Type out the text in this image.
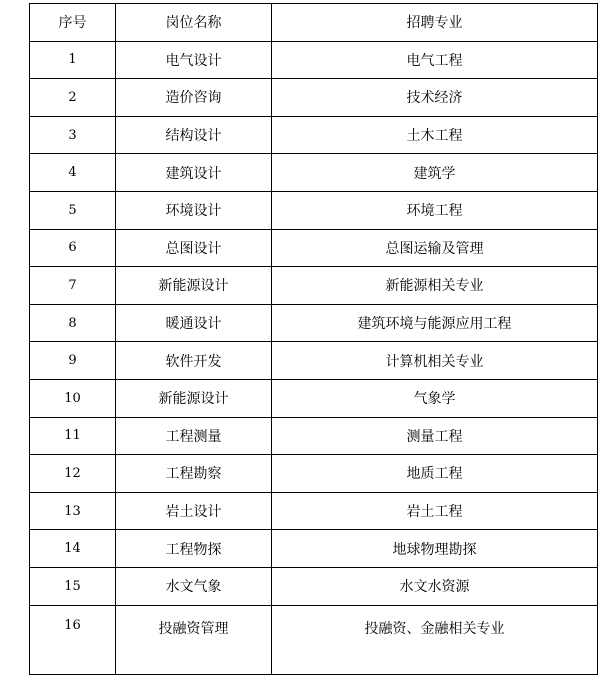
序号	岗位名称	招聘专业
1	电气设计	电气工程
2	造价咨询	技术经济
3	结构设计	土木工程
4	建筑设计	建筑学
5	环境设计	环境工程
6	总图设计	总图运输及管理
7	新能源设计	新能源相关专业
8	暖通设计	建筑环境与能源应用工程
9	软件开发	计算机相关专业
10	新能源设计	气象学
11	工程测量	测量工程
12	工程勘察	地质工程
13	岩土设计	岩土工程
14	工程物探	地球物理勘探
15	水文气象	水文水资源
16	投融资管理	投融资、金融相关专业
